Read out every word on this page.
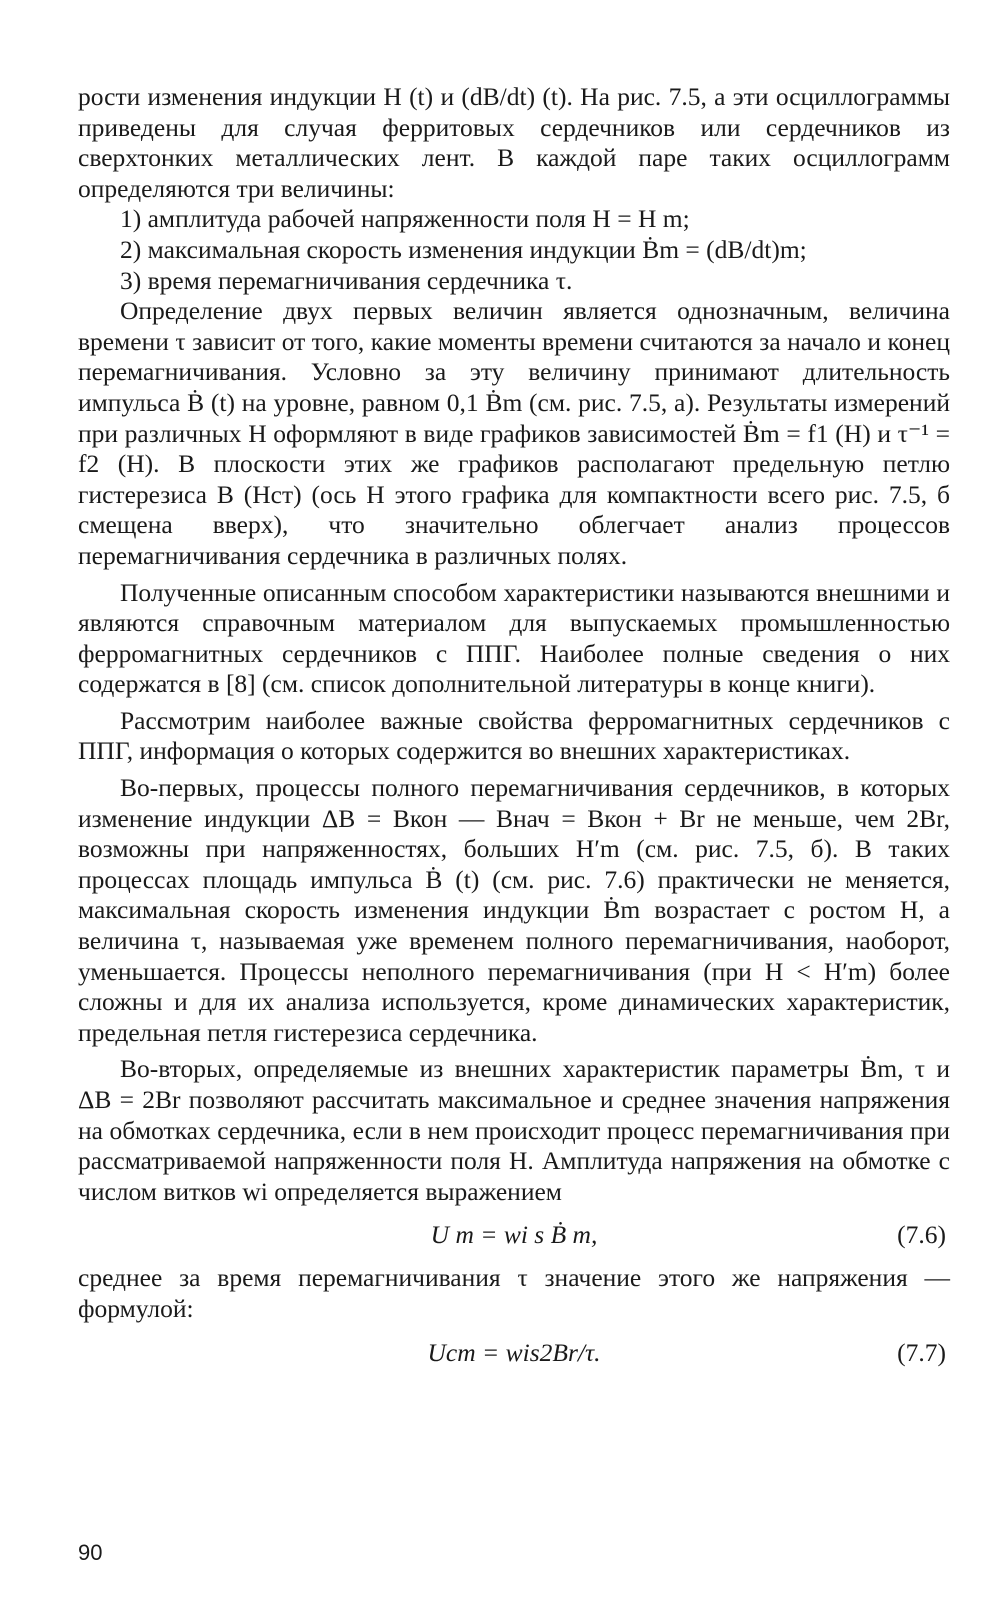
рости изменения индукции H (t) и (dB/dt) (t). На рис. 7.5, a эти осциллограммы приведены для случая ферритовых сердечников или сердечников из сверхтонких металлических лент. В каждой паре таких осциллограмм определяются три величины:

1) амплитуда рабочей напряженности поля H = H m;

2) максимальная скорость изменения индукции Ḃm = (dB/dt)m;

3) время перемагничивания сердечника τ.

Определение двух первых величин является однозначным, величина времени τ зависит от того, какие моменты времени считаются за начало и конец перемагничивания. Условно за эту величину принимают длительность импульса Ḃ (t) на уровне, равном 0,1 Ḃm (см. рис. 7.5, a). Результаты измерений при различных H оформляют в виде графиков зависимостей Ḃm = f1 (H) и τ⁻¹ = f2 (H). В плоскости этих же графиков располагают предельную петлю гистерезиса B (Hст) (ось H этого графика для компактности всего рис. 7.5, б смещена вверх), что значительно облегчает анализ процессов перемагничивания сердечника в различных полях.

Полученные описанным способом характеристики называются внешними и являются справочным материалом для выпускаемых промышленностью ферромагнитных сердечников с ППГ. Наиболее полные сведения о них содержатся в [8] (см. список дополнительной литературы в конце книги).

Рассмотрим наиболее важные свойства ферромагнитных сердечников с ППГ, информация о которых содержится во внешних характеристиках.

Во-первых, процессы полного перемагничивания сердечников, в которых изменение индукции ΔB = Bкон — Bнач = Bкон + Br не меньше, чем 2Br, возможны при напряженностях, больших H′m (см. рис. 7.5, б). В таких процессах площадь импульса Ḃ (t) (см. рис. 7.6) практически не меняется, максимальная скорость изменения индукции Ḃm возрастает с ростом H, а величина τ, называемая уже временем полного перемагничивания, наоборот, уменьшается. Процессы неполного перемагничивания (при H < H′m) более сложны и для их анализа используется, кроме динамических характеристик, предельная петля гистерезиса сердечника.

Во-вторых, определяемые из внешних характеристик параметры Ḃm, τ и ΔB = 2Br позволяют рассчитать максимальное и среднее значения напряжения на обмотках сердечника, если в нем происходит процесс перемагничивания при рассматриваемой напряженности поля H. Амплитуда напряжения на обмотке с числом витков wi определяется выражением

U m = wi s Ḃ m,	(7.6)

среднее за время перемагничивания τ значение этого же напряжения — формулой:

Uст = wis2Br/τ.	(7.7)
90
